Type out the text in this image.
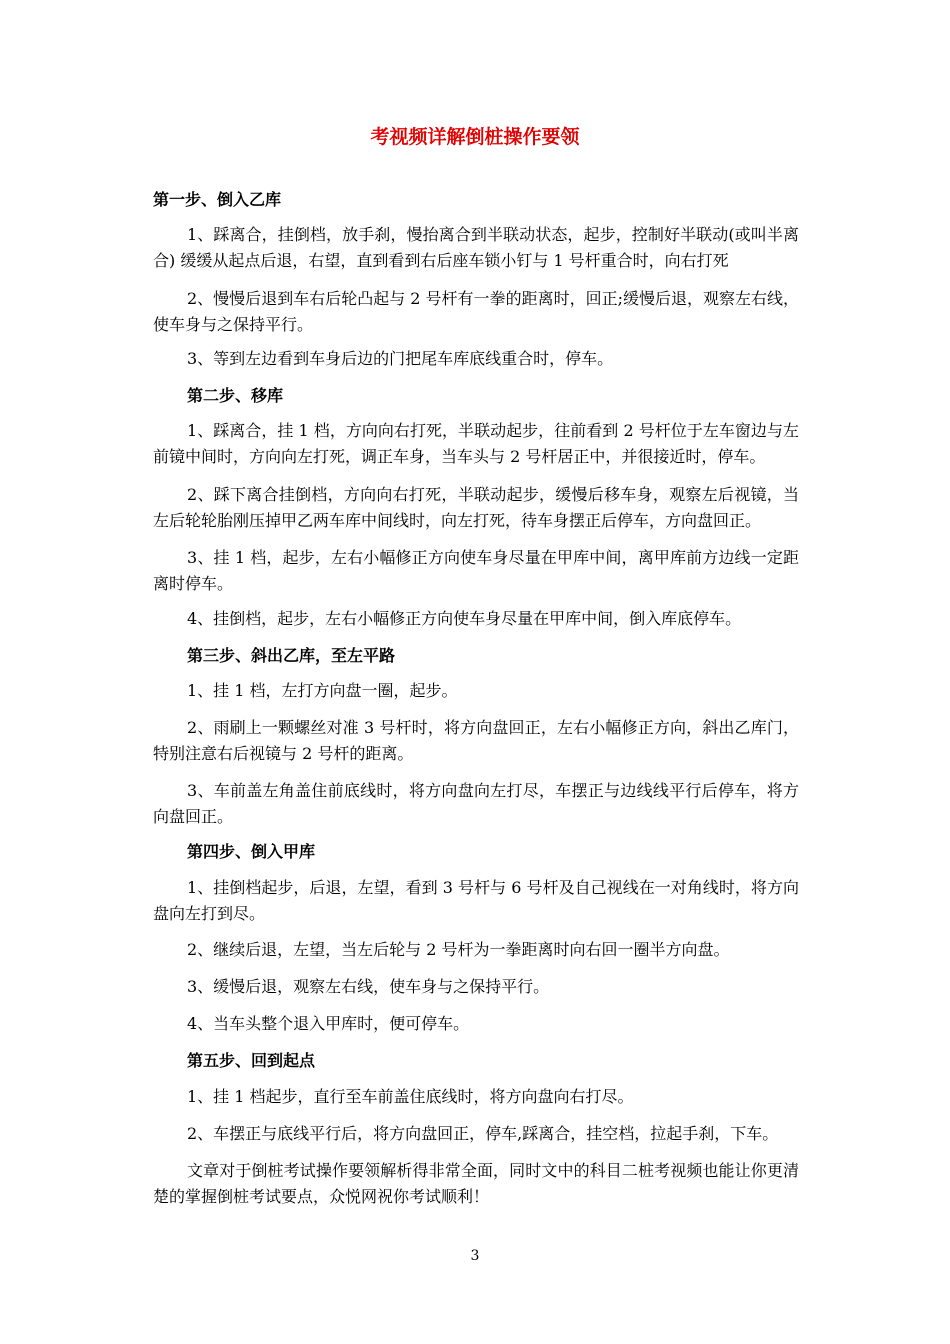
考视频详解倒桩操作要领

第一步、倒入乙库

1、踩离合，挂倒档，放手刹，慢抬离合到半联动状态，起步，控制好半联动(或叫半离合) 缓缓从起点后退，右望，直到看到右后座车锁小钉与 1 号杆重合时，向右打死

2、慢慢后退到车右后轮凸起与 2 号杆有一拳的距离时，回正;缓慢后退，观察左右线，使车身与之保持平行。

3、等到左边看到车身后边的门把尾车库底线重合时，停车。

第二步、移库

1、踩离合，挂 1 档，方向向右打死，半联动起步，往前看到 2 号杆位于左车窗边与左前镜中间时，方向向左打死，调正车身，当车头与 2 号杆居正中，并很接近时，停车。

2、踩下离合挂倒档，方向向右打死，半联动起步，缓慢后移车身，观察左后视镜，当左后轮轮胎刚压掉甲乙两车库中间线时，向左打死，待车身摆正后停车，方向盘回正。

3、挂 1 档，起步，左右小幅修正方向使车身尽量在甲库中间，离甲库前方边线一定距离时停车。

4、挂倒档，起步，左右小幅修正方向使车身尽量在甲库中间，倒入库底停车。

第三步、斜出乙库，至左平路

1、挂 1 档，左打方向盘一圈，起步。

2、雨刷上一颗螺丝对准 3 号杆时，将方向盘回正，左右小幅修正方向，斜出乙库门，特别注意右后视镜与 2 号杆的距离。

3、车前盖左角盖住前底线时，将方向盘向左打尽，车摆正与边线线平行后停车，将方向盘回正。

第四步、倒入甲库

1、挂倒档起步，后退，左望，看到 3 号杆与 6 号杆及自己视线在一对角线时，将方向盘向左打到尽。

2、继续后退，左望，当左后轮与 2 号杆为一拳距离时向右回一圈半方向盘。

3、缓慢后退，观察左右线，使车身与之保持平行。

4、当车头整个退入甲库时，便可停车。

第五步、回到起点

1、挂 1 档起步，直行至车前盖住底线时，将方向盘向右打尽。

2、车摆正与底线平行后，将方向盘回正，停车,踩离合，挂空档，拉起手刹，下车。

文章对于倒桩考试操作要领解析得非常全面，同时文中的科目二桩考视频也能让你更清楚的掌握倒桩考试要点，众悦网祝你考试顺利！

3
